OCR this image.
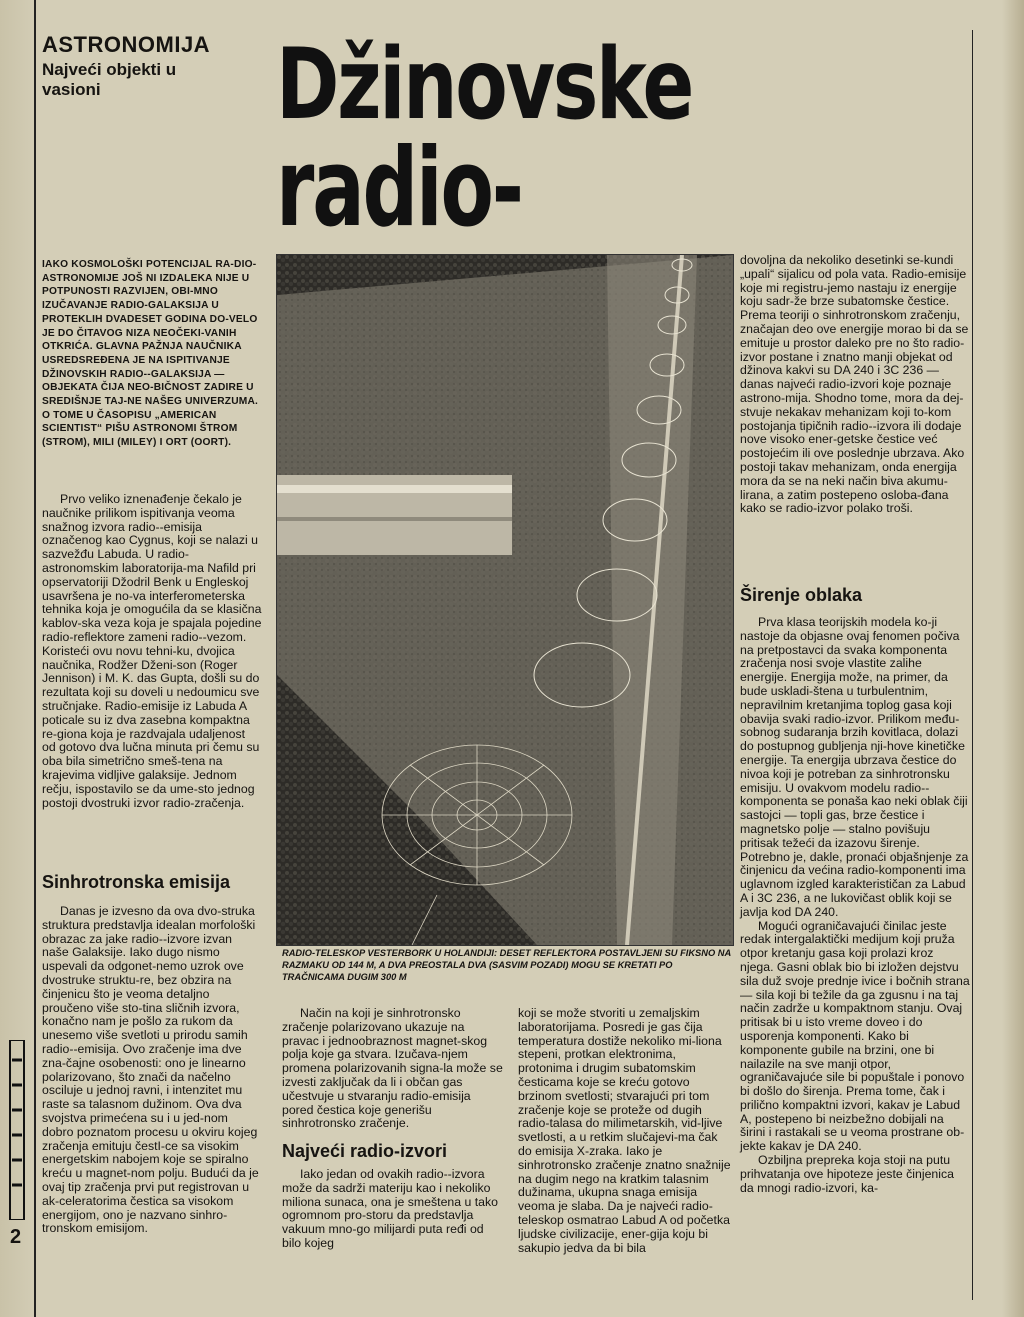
ASTRONOMIJA
Najveći objekti u vasioni	Džinovske
radio-
IAKO KOSMOLOŠKI POTENCIJAL RA-DIO-ASTRONOMIJE JOŠ NI IZDALEKA NIJE U POTPUNOSTI RAZVIJEN, OBI-MNO IZUČAVANJE RADIO-GALAKSIJA U PROTEKLIH DVADESET GODINA DO-VELO JE DO ČITAVOG NIZA NEOČEKI-VANIH OTKRIĆA. GLAVNA PAŽNJA NAUČNIKA USREDSREĐENA JE NA ISPITIVANJE DŽINOVSKIH RADIO--GALAKSIJA — OBJEKATA ČIJA NEO-BIČNOST ZADIRE U SREDIŠNJE TAJ-NE NAŠEG UNIVERZUMA. O TOME U ČASOPISU „AMERICAN SCIENTIST“ PIŠU ASTRONOMI ŠTROM (STROM), MILI (MILEY) I ORT (OORT).

Prvo veliko iznenađenje čekalo je naučnike prilikom ispitivanja veoma snažnog izvora radio--emisija označenog kao Cygnus, koji se nalazi u sazvežđu Labuda. U radio-astronomskim laboratorija-ma Nafild pri opservatoriji Džodril Benk u Engleskoj usavršena je no-va interferometerska tehnika koja je omogućila da se klasična kablov-ska veza koja je spajala pojedine radio-reflektore zameni radio--vezom. Koristeći ovu novu tehni-ku, dvojica naučnika, Rodžer Dženi-son (Roger Jennison) i M. K. das Gupta, došli su do rezultata koji su doveli u nedoumicu sve stručnjake. Radio-emisije iz Labuda A poticale su iz dva zasebna kompaktna re-giona koja je razdvajala udaljenost od gotovo dva lučna minuta pri čemu su oba bila simetrično smeš-tena na krajevima vidljive galaksije. Jednom rečju, ispostavilo se da ume-sto jednog postoji dvostruki izvor radio-zračenja.

Sinhrotronska emisija

Danas je izvesno da ova dvo-struka struktura predstavlja idealan morfološki obrazac za jake radio--izvore izvan naše Galaksije. Iako dugo nismo uspevali da odgonet-nemo uzrok ove dvostruke struktu-re, bez obzira na činjenicu što je veoma detaljno proučeno više sto-tina sličnih izvora, konačno nam je pošlo za rukom da unesemo više svetloti u prirodu samih radio--emisija. Ovo zračenje ima dve zna-čajne osobenosti: ono je linearno polarizovano, što znači da načelno osciluje u jednoj ravni, i intenzitet mu raste sa talasnom dužinom. Ova dva svojstva primećena su i u jed-nom dobro poznatom procesu u okviru kojeg zračenja emituju čestI-ce sa visokim energetskim nabojem koje se spiralno kreću u magnet-nom polju. Budući da je ovaj tip zračenja prvi put registrovan u ak-celeratorima čestica sa visokom energijom, ono je nazvano sinhro-tronskom emisijom.

RADIO-TELESKOP VESTERBORK U HOLANDIJI: DESET REFLEKTORA POSTAVLJENI SU FIKSNO NA RAZMAKU OD 144 M, A DVA PREOSTALA DVA (SASVIM POZADI) MOGU SE KRETATI PO TRAČNICAMA DUGIM 300 M

Način na koji je sinhrotronsko zračenje polarizovano ukazuje na pravac i jednoobraznost magnet-skog polja koje ga stvara. Izučava-njem promena polarizovanih signa-la može se izvesti zaključak da li i občan gas učestvuje u stvaranju radio-emisija pored čestica koje generišu sinhrotronsko zračenje.

Najveći radio-izvori

Iako jedan od ovakih radio--izvora može da sadrži materiju kao i nekoliko miliona sunaca, ona je smeštena u tako ogromnom pro-storu da predstavlja vakuum mno-go milijardi puta ređi od bilo kojeg

koji se može stvoriti u zemaljskim laboratorijama. Posredi je gas čija temperatura dostiže nekoliko mi-liona stepeni, protkan elektronima, protonima i drugim subatomskim česticama koje se kreću gotovo brzinom svetlosti; stvarajući pri tom zračenje koje se proteže od dugih radio-talasa do milimetarskih, vid-ljive svetlosti, a u retkim slučajevi-ma čak do emisija X-zraka. Iako je sinhrotronsko zračenje znatno snažnije na dugim nego na kratkim talasnim dužinama, ukupna snaga emisija veoma je slaba. Da je najveći radio-teleskop osmatrao Labud A od početka ljudske civilizacije, ener-gija koju bi sakupio jedva da bi bila

dovoljna da nekoliko desetinki se-kundi „upali“ sijalicu od pola vata. Radio-emisije koje mi registru-jemo nastaju iz energije koju sadr-že brze subatomske čestice. Prema teoriji o sinhrotronskom zračenju, značajan deo ove energije morao bi da se emituje u prostor daleko pre no što radio-izvor postane i znatno manji objekat od džinova kakvi su DA 240 i 3C 236 — danas najveći radio-izvori koje poznaje astrono-mija. Shodno tome, mora da dej-stvuje nekakav mehanizam koji to-kom postojanja tipičnih radio--izvora ili dodaje nove visoko ener-getske čestice već postojećim ili ove poslednje ubrzava. Ako postoji takav mehanizam, onda energija mora da se na neki način biva akumu-lirana, a zatim postepeno osloba-đana kako se radio-izvor polako troši.

Širenje oblaka

Prva klasa teorijskih modela ko-ji nastoje da objasne ovaj fenomen počiva na pretpostavci da svaka komponenta zračenja nosi svoje vlastite zalihe energije. Energija može, na primer, da bude uskladi-štena u turbulentnim, nepravilnim kretanjima toplog gasa koji obavija svaki radio-izvor. Prilikom među-sobnog sudaranja brzih kovitlaca, dolazi do postupnog gubljenja nji-hove kinetičke energije. Ta energija ubrzava čestice do nivoa koji je potreban za sinhrotronsku emisiju. U ovakvom modelu radio--komponenta se ponaša kao neki oblak čiji sastojci — topli gas, brze čestice i magnetsko polje — stalno povišuju pritisak težeći da izazovu širenje. Potrebno je, dakle, pronaći objašnjenje za činjenicu da većina radio-komponenti ima uglavnom izgled karakterističan za Labud A i 3C 236, a ne lukovičast oblik koji se javlja kod DA 240.

Mogući ograničavajući činilac jeste redak intergalaktički medijum koji pruža otpor kretanju gasa koji prolazi kroz njega. Gasni oblak bio bi izložen dejstvu sila duž svoje prednje ivice i bočnih strana — sila koji bi težile da ga zgusnu i na taj način zadrže u kompaktnom stanju. Ovaj pritisak bi u isto vreme doveo i do usporenja komponenti. Kako bi komponente gubile na brzini, one bi nailazile na sve manji otpor, ograničavajuće sile bi popuštale i ponovo bi došlo do širenja. Prema tome, čak i prilično kompaktni izvori, kakav je Labud A, postepeno bi neizbežno dobijali na širini i rastakali se u veoma prostrane ob-jekte kakav je DA 240.

Ozbiljna prepreka koja stoji na putu prihvatanja ove hipoteze jeste činjenica da mnogi radio-izvori, ka-

2
